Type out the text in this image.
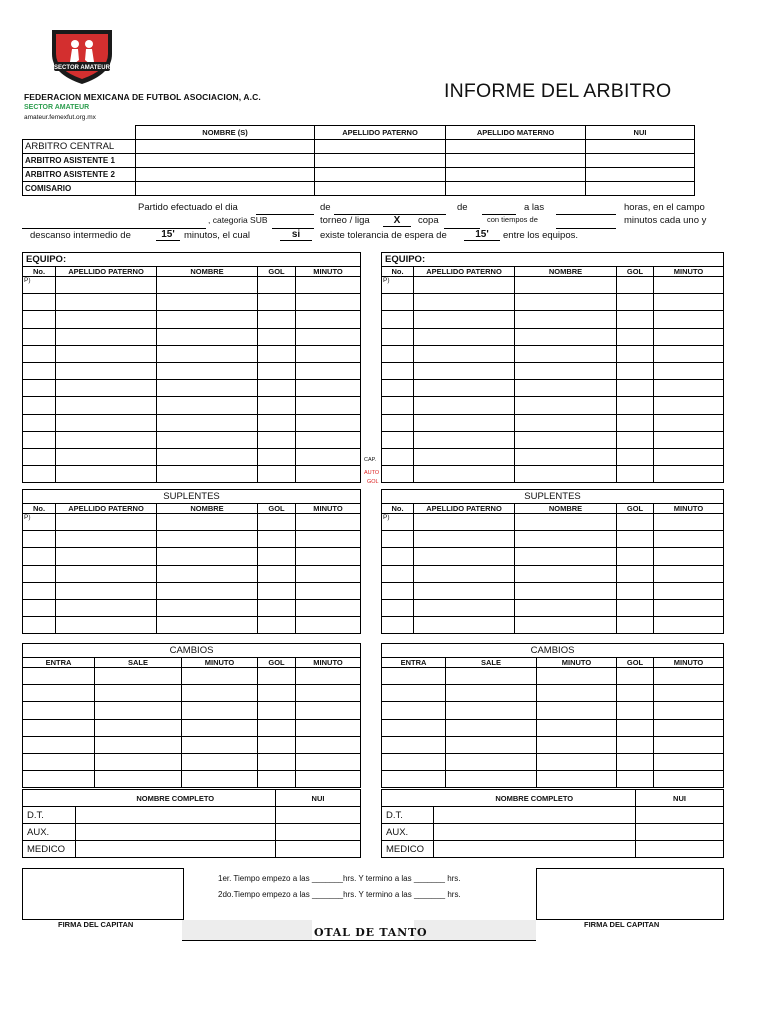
SECTOR AMATEUR
FEDERACION MEXICANA DE FUTBOL ASOCIACION, A.C.
SECTOR AMATEUR
amateur.femexfut.org.mx
INFORME DEL ARBITRO
	NOMBRE (S)	APELLIDO PATERNO	APELLIDO MATERNO	NUI
ARBITRO CENTRAL				
ARBITRO ASISTENTE 1				
ARBITRO ASISTENTE 2				
COMISARIO				
Partido efectuado el dia	de	de	a las	horas, en el campo
, categoria SUB	torneo / liga	X	copa	con tiempos de	minutos cada uno y
descanso intermedio de	15' minutos, el cual	si	existe tolerancia de espera de	15'	entre los equipos.
EQUIPO:				
No.	APELLIDO PATERNO	NOMBRE	GOL	MINUTO
P)				

CAP.
AUTO
GOL
EQUIPO:				
No.	APELLIDO PATERNO	NOMBRE	GOL	MINUTO
P)				

SUPLENTES				
No.	APELLIDO PATERNO	NOMBRE	GOL	MINUTO
P)				

SUPLENTES				
No.	APELLIDO PATERNO	NOMBRE	GOL	MINUTO
P)				

CAMBIOS				
ENTRA	SALE	MINUTO	GOL	MINUTO

CAMBIOS				
ENTRA	SALE	MINUTO	GOL	MINUTO

	NOMBRE COMPLETO	NUI
D.T.		
AUX.		
MEDICO		
	NOMBRE COMPLETO	NUI
D.T.		
AUX.		
MEDICO		
FIRMA DEL CAPITAN	FIRMA DEL CAPITAN
1er. Tiempo empezo a las _______hrs. Y termino a las _______ hrs.
2do.Tiempo empezo a las _______hrs. Y termino a las _______ hrs.
OTAL DE TANTO
